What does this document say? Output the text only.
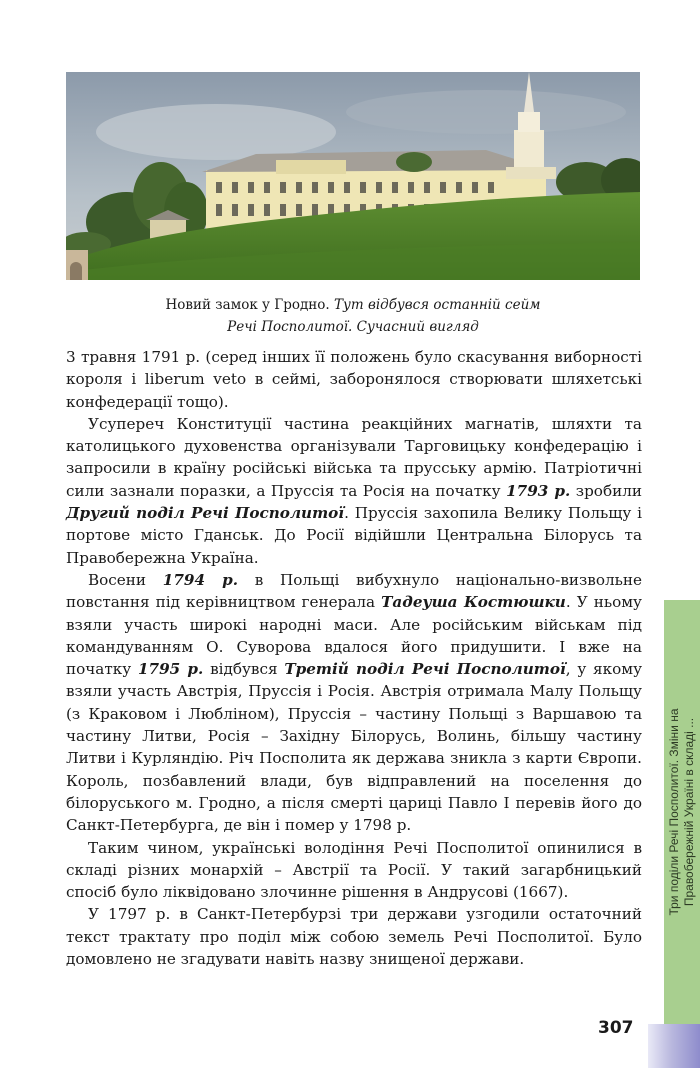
Новий замок у Гродно. Тут відбувся останній сейм
Речі Посполитої. Сучасний вигляд

3 травня 1791 р. (серед інших її положень було скасування виборності короля і liberum veto в сеймі, заборонялося створювати шляхетські конфедерації тощо).

Усупереч Конституції частина реакційних магнатів, шляхти та католицького духовенства організували Тарговицьку конфедерацію і запросили в країну російські війська та прусську армію. Патріотичні сили зазнали поразки, а Пруссія та Росія на початку 1793 р. зробили Другий поділ Речі Посполитої. Пруссія захопила Велику Польщу і портове місто Гданськ. До Росії відійшли Центральна Білорусь та Правобережна Україна.

Восени 1794 р. в Польщі вибухнуло національно-визвольне повстання під керівництвом генерала Тадеуша Костюшки. У ньому взяли участь широкі народні маси. Але російським військам під командуванням О. Суворова вдалося його придушити. І вже на початку 1795 р. відбувся Третій поділ Речі Посполитої, у якому взяли участь Австрія, Пруссія і Росія. Австрія отримала Малу Польщу (з Краковом і Любліном), Пруссія – частину Польщі з Варшавою та частину Литви, Росія – Західну Білорусь, Волинь, більшу частину Литви і Курляндію. Річ Посполита як держава зникла з карти Європи. Король, позбавлений влади, був відправлений на поселення до білоруського м. Гродно, а після смерті цариці Павло І перевів його до Санкт-Петербурга, де він і помер у 1798 р.

Таким чином, українські володіння Речі Посполитої опинилися в складі різних монархій – Австрії та Росії. У такий загарбницький спосіб було ліквідовано злочинне рішення в Андрусові (1667).

У 1797 р. в Санкт-Петербурзі три держави узгодили остаточний текст трактату про поділ між собою земель Речі Посполитої. Було домовлено не згадувати навіть назву знищеної держави.

Три поділи Речі Посполитої. Зміни на Правобережній Україні в складі ...
307
